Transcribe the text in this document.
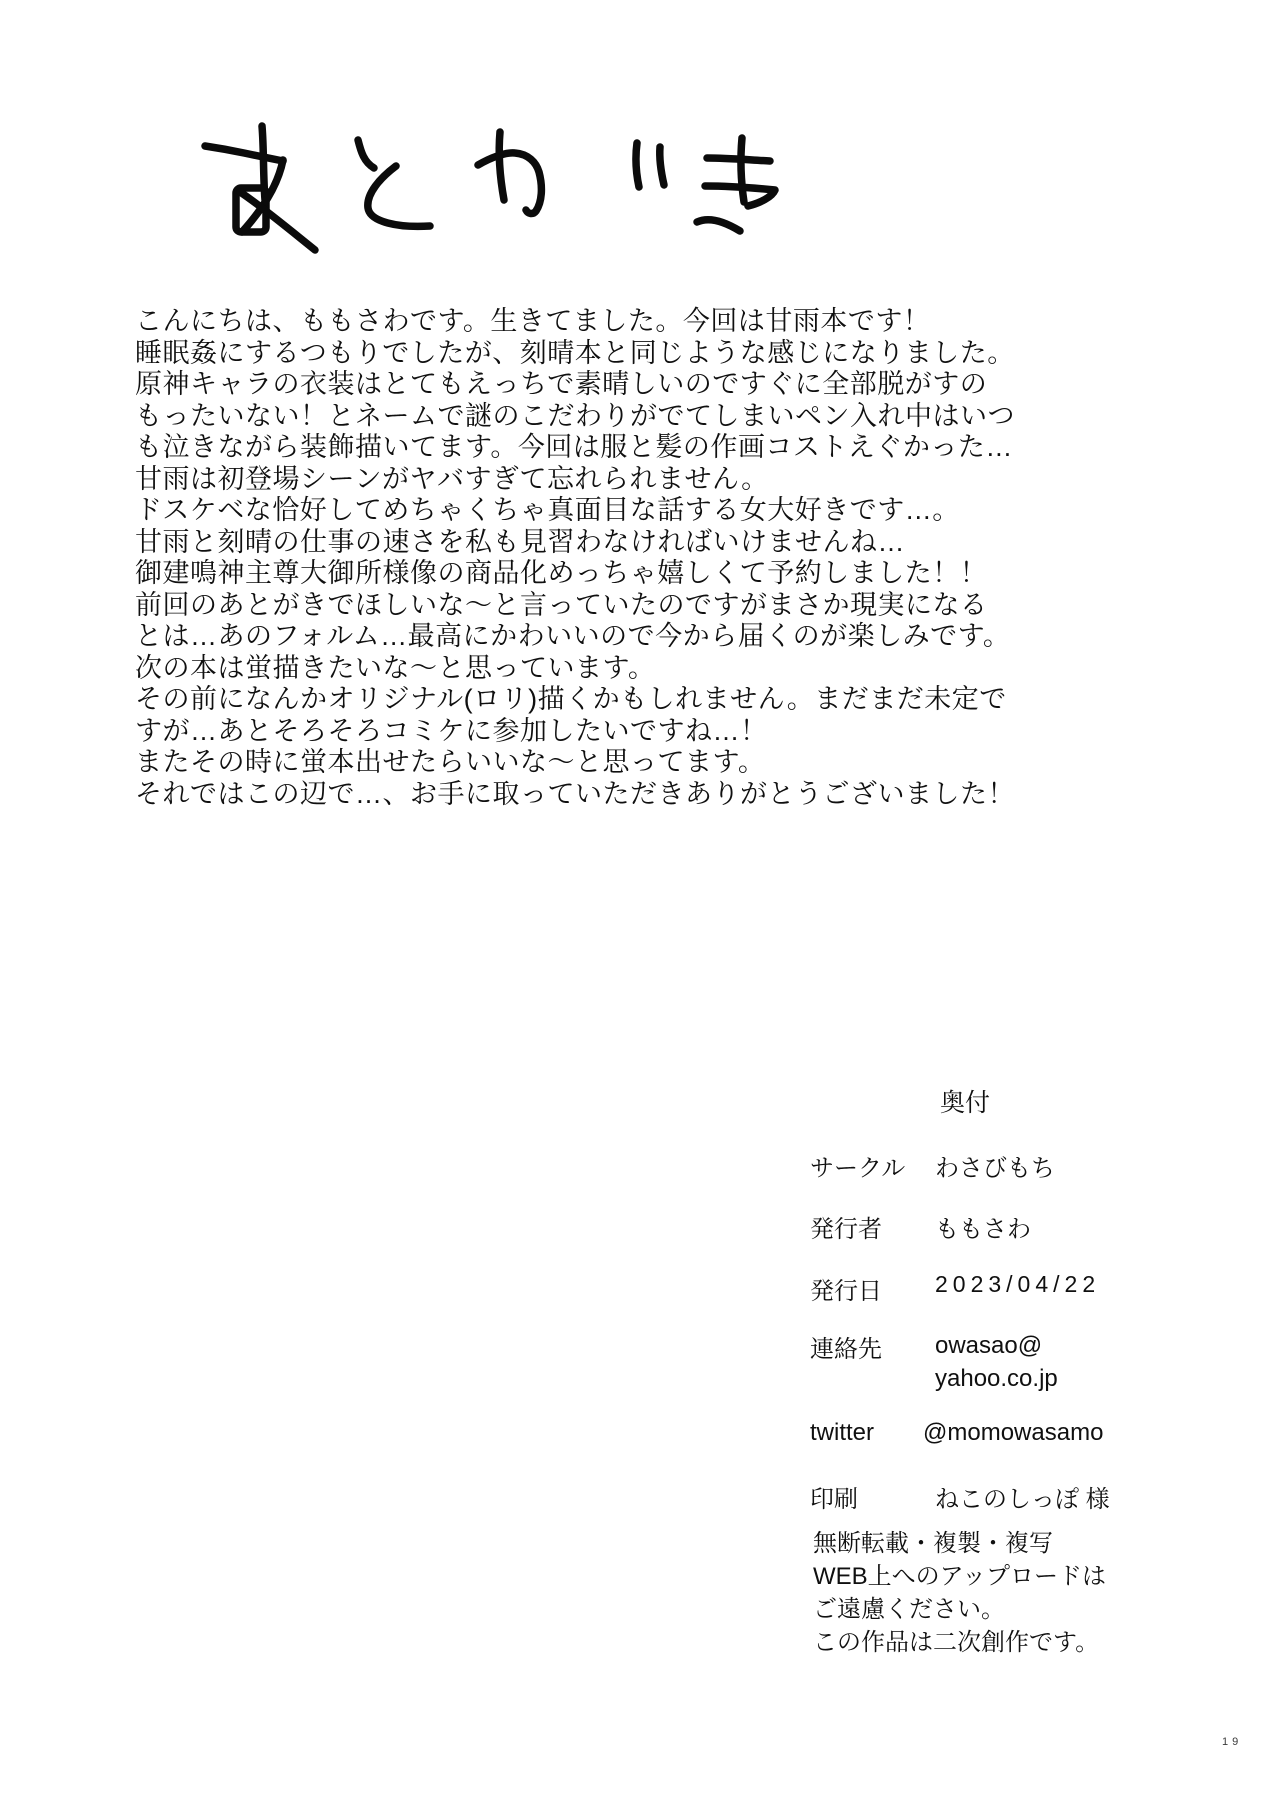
こんにちは、ももさわです。生きてました。今回は甘雨本です！
睡眠姦にするつもりでしたが、刻晴本と同じような感じになりました。
原神キャラの衣装はとてもえっちで素晴しいのですぐに全部脱がすの
もったいない！とネームで謎のこだわりがでてしまいペン入れ中はいつ
も泣きながら装飾描いてます。今回は服と髪の作画コストえぐかった…
甘雨は初登場シーンがヤバすぎて忘れられません。
ドスケベな恰好してめちゃくちゃ真面目な話する女大好きです…。
甘雨と刻晴の仕事の速さを私も見習わなければいけませんね…
御建鳴神主尊大御所様像の商品化めっちゃ嬉しくて予約しました！！
前回のあとがきでほしいな～と言っていたのですがまさか現実になる
とは…あのフォルム…最高にかわいいので今から届くのが楽しみです。
次の本は蛍描きたいな～と思っています。
その前になんかオリジナル(ロリ)描くかもしれません。まだまだ未定で
すが…あとそろそろコミケに参加したいですね…！
またその時に蛍本出せたらいいな～と思ってます。
それではこの辺で…、お手に取っていただきありがとうございました！
奥付
サークル わさびもち
発行者 ももさわ
発行日 2023/04/22
連絡先 owasao@
yahoo.co.jp
twitter @momowasamo
印刷	ねこのしっぽ 様
無断転載・複製・複写
WEB上へのアップロードは
ご遠慮ください。
この作品は二次創作です。
19
